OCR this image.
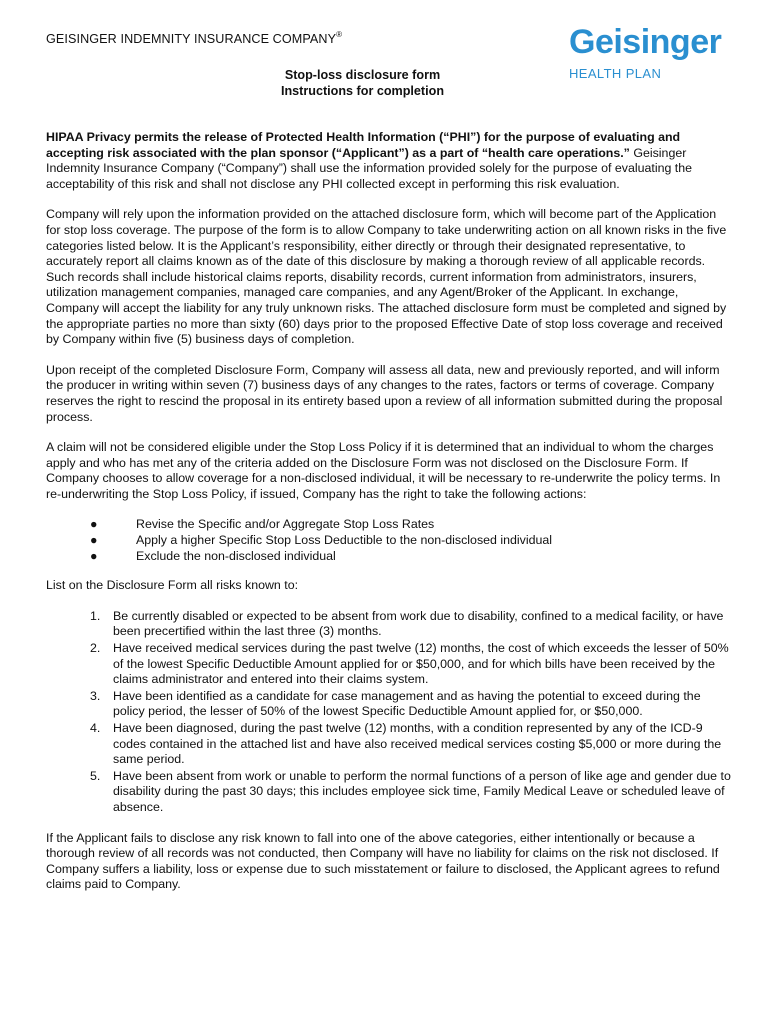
GEISINGER INDEMNITY INSURANCE COMPANY®	Geisinger
HEALTH PLAN
Stop-loss disclosure form
Instructions for completion

HIPAA Privacy permits the release of Protected Health Information (“PHI”) for the purpose of evaluating and accepting risk associated with the plan sponsor (“Applicant”) as a part of “health care operations.” Geisinger Indemnity Insurance Company (“Company”) shall use the information provided solely for the purpose of evaluating the acceptability of this risk and shall not disclose any PHI collected except in performing this risk evaluation.

Company will rely upon the information provided on the attached disclosure form, which will become part of the Application for stop loss coverage. The purpose of the form is to allow Company to take underwriting action on all known risks in the five categories listed below. It is the Applicant’s responsibility, either directly or through their designated representative, to accurately report all claims known as of the date of this disclosure by making a thorough review of all applicable records. Such records shall include historical claims reports, disability records, current information from administrators, insurers, utilization management companies, managed care companies, and any Agent/Broker of the Applicant. In exchange, Company will accept the liability for any truly unknown risks. The attached disclosure form must be completed and signed by the appropriate parties no more than sixty (60) days prior to the proposed Effective Date of stop loss coverage and received by Company within five (5) business days of completion.

Upon receipt of the completed Disclosure Form, Company will assess all data, new and previously reported, and will inform the producer in writing within seven (7) business days of any changes to the rates, factors or terms of coverage. Company reserves the right to rescind the proposal in its entirety based upon a review of all information submitted during the proposal process.

A claim will not be considered eligible under the Stop Loss Policy if it is determined that an individual to whom the charges apply and who has met any of the criteria added on the Disclosure Form was not disclosed on the Disclosure Form. If Company chooses to allow coverage for a non-disclosed individual, it will be necessary to re-underwrite the policy terms. In re-underwriting the Stop Loss Policy, if issued, Company has the right to take the following actions:

●	Revise the Specific and/or Aggregate Stop Loss Rates
●	Apply a higher Specific Stop Loss Deductible to the non-disclosed individual
●	Exclude the non-disclosed individual

List on the Disclosure Form all risks known to:

1. Be currently disabled or expected to be absent from work due to disability, confined to a medical facility, or have been precertified within the last three (3) months.
2. Have received medical services during the past twelve (12) months, the cost of which exceeds the lesser of 50% of the lowest Specific Deductible Amount applied for or $50,000, and for which bills have been received by the claims administrator and entered into their claims system.
3. Have been identified as a candidate for case management and as having the potential to exceed during the policy period, the lesser of 50% of the lowest Specific Deductible Amount applied for, or $50,000.
4. Have been diagnosed, during the past twelve (12) months, with a condition represented by any of the ICD-9 codes contained in the attached list and have also received medical services costing $5,000 or more during the same period.
5. Have been absent from work or unable to perform the normal functions of a person of like age and gender due to disability during the past 30 days; this includes employee sick time, Family Medical Leave or scheduled leave of absence.

If the Applicant fails to disclose any risk known to fall into one of the above categories, either intentionally or because a thorough review of all records was not conducted, then Company will have no liability for claims on the risk not disclosed. If Company suffers a liability, loss or expense due to such misstatement or failure to disclosed, the Applicant agrees to refund claims paid to Company.
